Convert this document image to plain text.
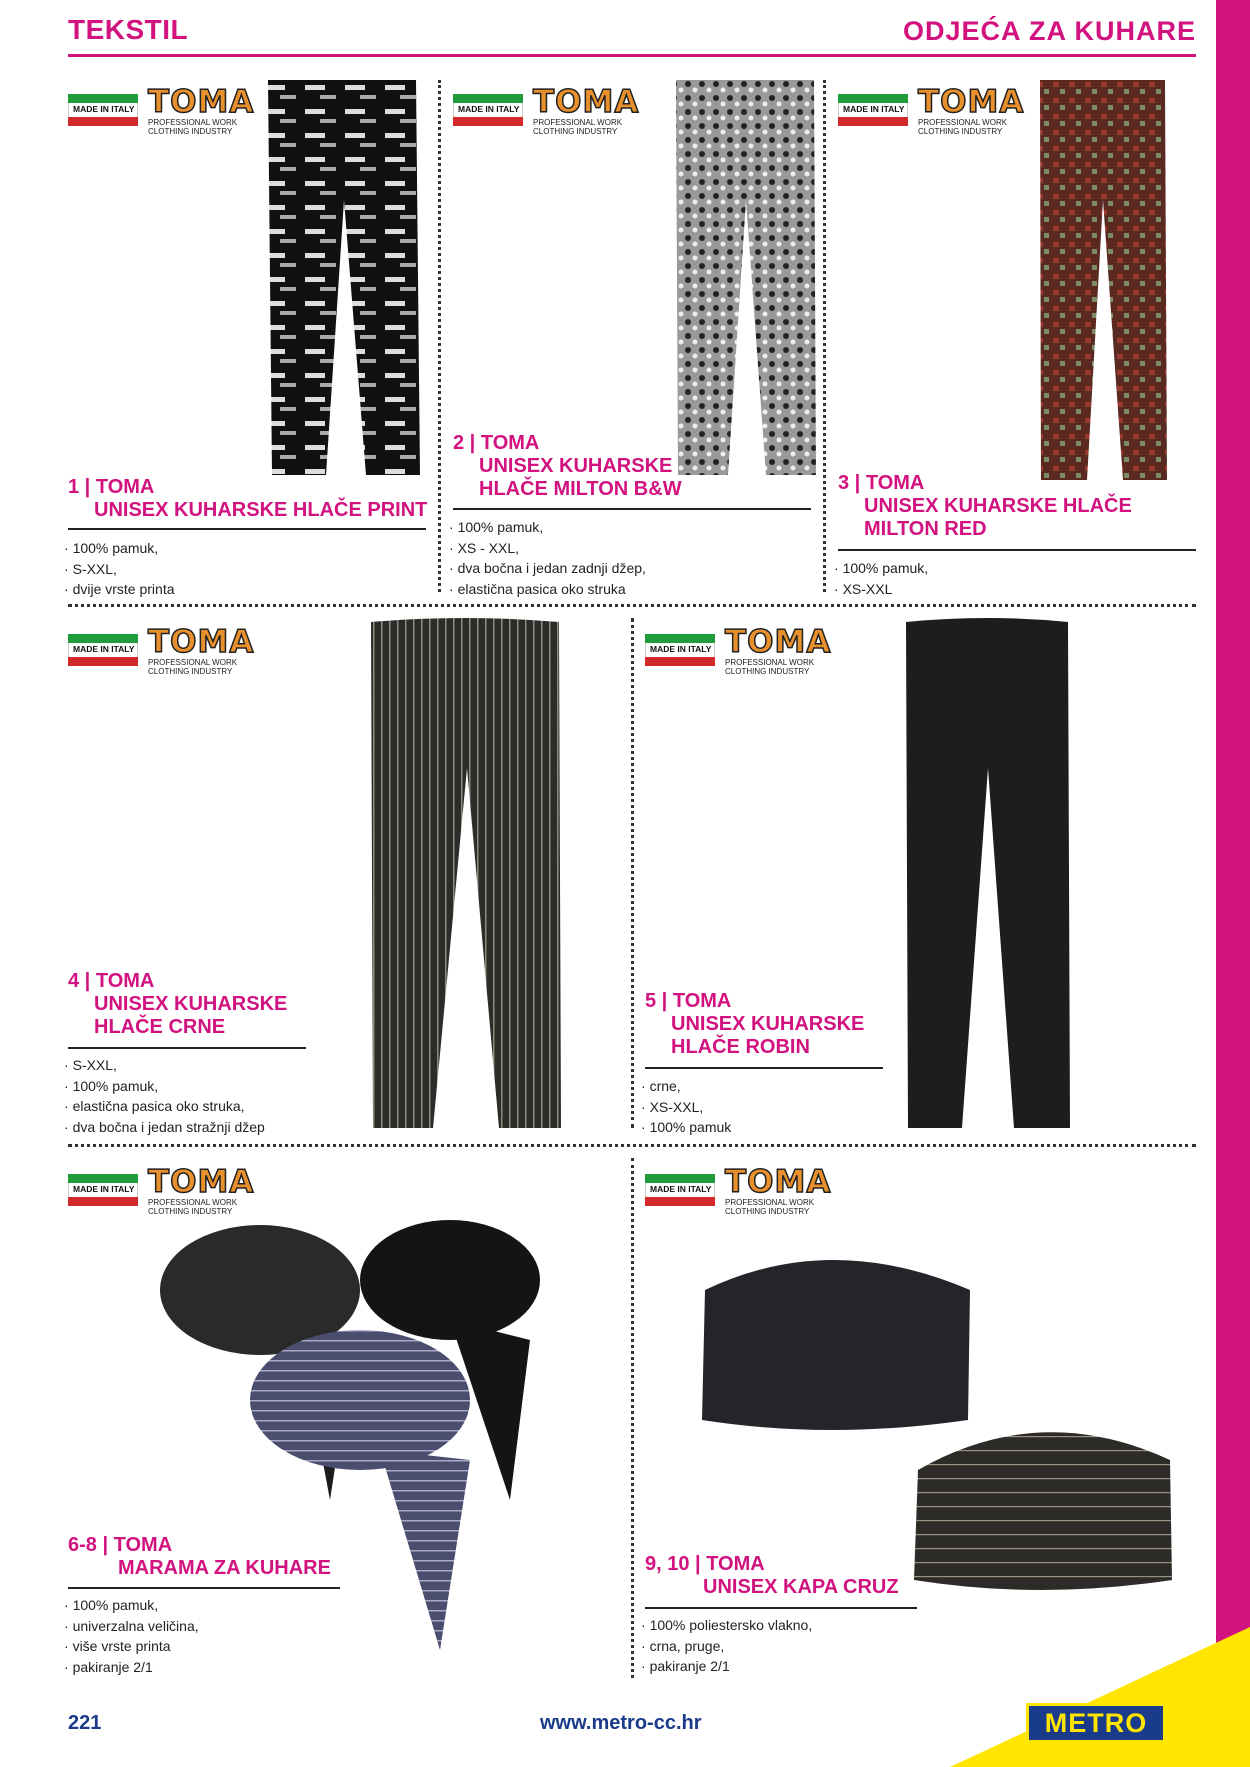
TEKSTIL	ODJEĆA ZA KUHARE
MADE IN ITALY TOMA
PROFESSIONAL WORK
CLOTHING INDUSTRY
MADE IN ITALY TOMA
PROFESSIONAL WORK
CLOTHING INDUSTRY
MADE IN ITALY TOMA
PROFESSIONAL WORK
CLOTHING INDUSTRY
MADE IN ITALY TOMA
PROFESSIONAL WORK
CLOTHING INDUSTRY
MADE IN ITALY TOMA
PROFESSIONAL WORK
CLOTHING INDUSTRY
MADE IN ITALY TOMA
PROFESSIONAL WORK
CLOTHING INDUSTRY
MADE IN ITALY TOMA
PROFESSIONAL WORK
CLOTHING INDUSTRY
1 | TOMA
UNISEX KUHARSKE HLAČE PRINT
· 100% pamuk,
· S-XXL,
· dvije vrste printa
2 | TOMA
UNISEX KUHARSKE
HLAČE MILTON B&W
· 100% pamuk,
· XS - XXL,
· dva bočna i jedan zadnji džep,
· elastična pasica oko struka
3 | TOMA
UNISEX KUHARSKE HLAČE
MILTON RED
· 100% pamuk,
· XS-XXL
4 | TOMA
UNISEX KUHARSKE
HLAČE CRNE
· S-XXL,
· 100% pamuk,
· elastična pasica oko struka,
· dva bočna i jedan stražnji džep
5 | TOMA
UNISEX KUHARSKE
HLAČE ROBIN
· crne,
· XS-XXL,
· 100% pamuk
6-8 | TOMA
MARAMA ZA KUHARE
· 100% pamuk,
· univerzalna veličina,
· više vrste printa
· pakiranje 2/1
9, 10 | TOMA
UNISEX KAPA CRUZ
· 100% poliestersko vlakno,
· crna, pruge,
· pakiranje 2/1
221	www.metro-cc.hr	METRO
